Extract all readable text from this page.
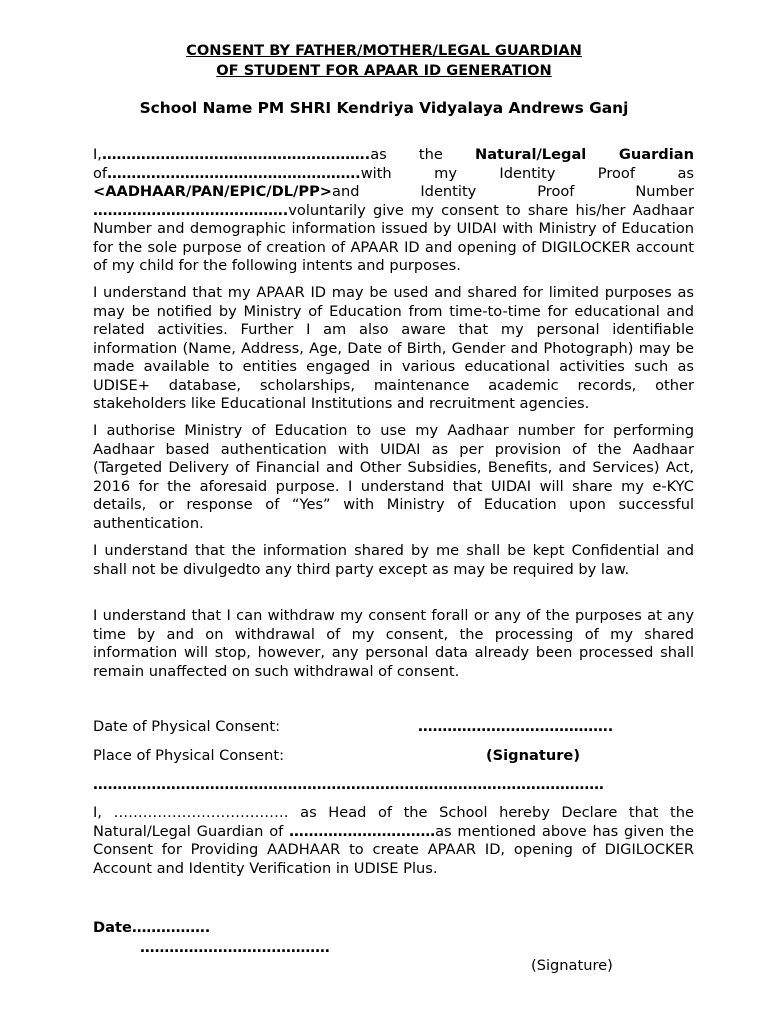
CONSENT BY FATHER/MOTHER/LEGAL GUARDIAN
OF STUDENT FOR APAAR ID GENERATION
School Name PM SHRI Kendriya Vidyalaya Andrews Ganj

I,……………………………………………….as the Natural/Legal Guardian of…………………………………………….with my Identity Proof as <AADHAAR/PAN/EPIC/DL/PP>and Identity Proof Number ………………………………….voluntarily give my consent to share his/her Aadhaar Number and demographic information issued by UIDAI with Ministry of Education for the sole purpose of creation of APAAR ID and opening of DIGILOCKER account of my child for the following intents and purposes.

I understand that my APAAR ID may be used and shared for limited purposes as may be notified by Ministry of Education from time-to-time for educational and related activities. Further I am also aware that my personal identifiable information (Name, Address, Age, Date of Birth, Gender and Photograph) may be made available to entities engaged in various educational activities such as UDISE+ database, scholarships, maintenance academic records, other stakeholders like Educational Institutions and recruitment agencies.

I authorise Ministry of Education to use my Aadhaar number for performing Aadhaar based authentication with UIDAI as per provision of the Aadhaar (Targeted Delivery of Financial and Other Subsidies, Benefits, and Services) Act, 2016 for the aforesaid purpose. I understand that UIDAI will share my e-KYC details, or response of “Yes” with Ministry of Education upon successful authentication.

I understand that the information shared by me shall be kept Confidential and shall not be divulgedto any third party except as may be required by law.

I understand that I can withdraw my consent forall or any of the purposes at any time by and on withdrawal of my consent, the processing of my shared information will stop, however, any personal data already been processed shall remain unaffected on such withdrawal of consent.

Date of Physical Consent:	………………………………….
Place of Physical Consent:	(Signature)
……………………………………………………………………………………………

I, ……………………………… as Head of the School hereby Declare that the Natural/Legal Guardian of …………………………as mentioned above has given the Consent for Providing AADHAAR to create APAAR ID, opening of DIGILOCKER Account and Identity Verification in UDISE Plus.

Date…………….
…………………………………
(Signature)
